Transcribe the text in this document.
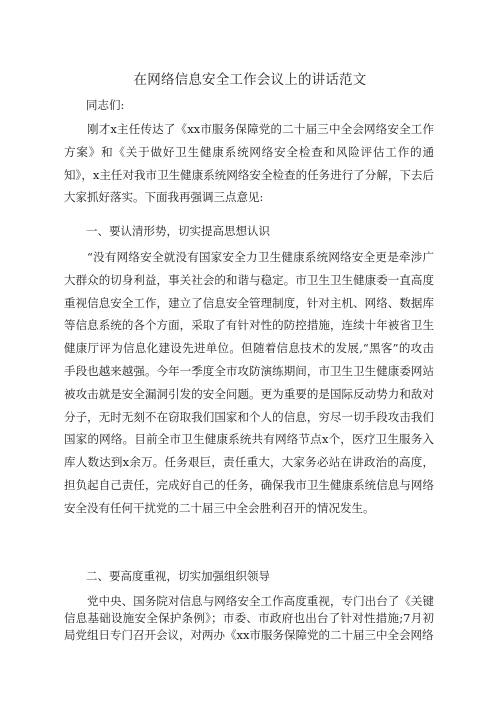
在网络信息安全工作会议上的讲话范文
同志们:

刚才x主任传达了《xx市服务保障党的二十届三中全会网络安全工作方案》和《关于做好卫生健康系统网络安全检查和风险评估工作的通知》，x主任对我市卫生健康系统网络安全检查的任务进行了分解，下去后大家抓好落实。下面我再强调三点意见:

一、要认清形势，切实提高思想认识

“没有网络安全就没有国家安全力卫生健康系统网络安全更是牵涉广大群众的切身利益，事关社会的和谐与稳定。市卫生卫生健康委一直高度重视信息安全工作，建立了信息安全管理制度，针对主机、网络、数据库等信息系统的各个方面，采取了有针对性的防控措施，连续十年被省卫生健康厅评为信息化建设先进单位。但随着信息技术的发展,“黑客”的攻击手段也越来越强。今年一季度全市攻防演练期间，市卫生卫生健康委网站被攻击就是安全漏洞引发的安全问题。更为重要的是国际反动势力和敌对分子，无时无刻不在窃取我们国家和个人的信息，穷尽一切手段攻击我们国家的网络。目前全市卫生健康系统共有网络节点x个，医疗卫生服务入库人数达到x余万。任务艰巨，责任重大，大家务必站在讲政治的高度，担负起自己责任，完成好自己的任务，确保我市卫生健康系统信息与网络安全没有任何干扰党的二十届三中全会胜利召开的情况发生。

二、要高度重视，切实加强组织领导

党中央、国务院对信息与网络安全工作高度重视，专门出台了《关键信息基础设施安全保护条例》；市委、市政府也出台了针对性措施;7月初局党组日专门召开会议，对两办《xx市服务保障党的二十届三中全会网络
